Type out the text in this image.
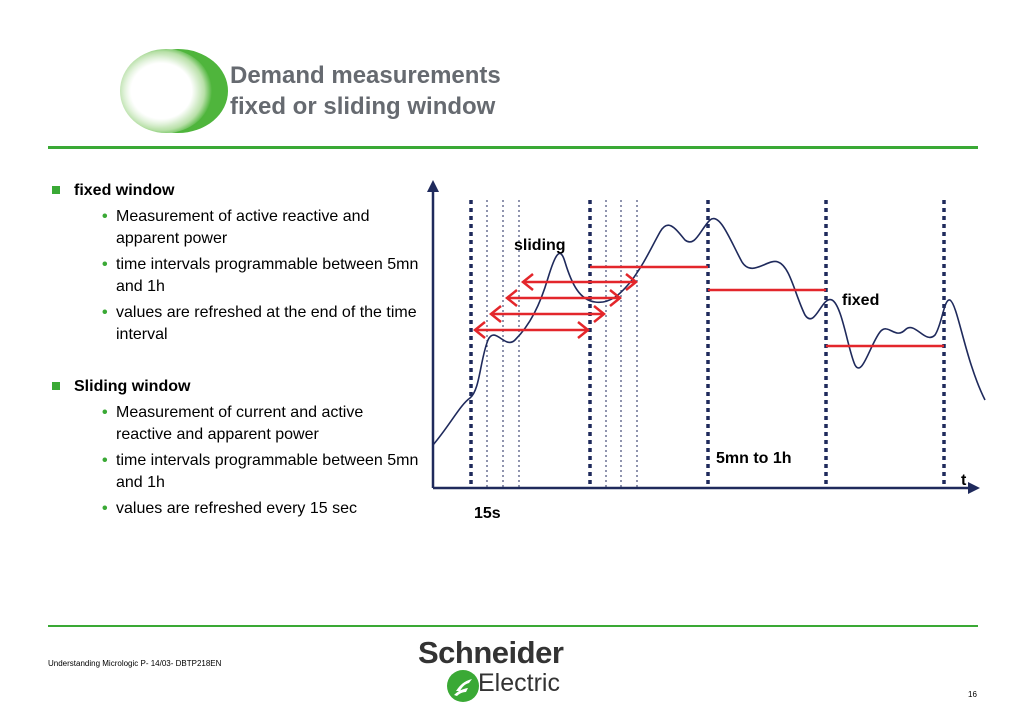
Demand measurements
fixed or sliding window
fixed window
• Measurement of active reactive and apparent power
• time intervals programmable between 5mn and 1h
• values are refreshed at the end of the time interval
Sliding window
• Measurement of current and active reactive and apparent power
• time intervals programmable between 5mn and 1h
• values are refreshed every 15 sec
sliding
fixed
5mn to 1h
t
15s
Understanding Micrologic P- 14/03- DBTP218EN	Schneider
Electric	16
